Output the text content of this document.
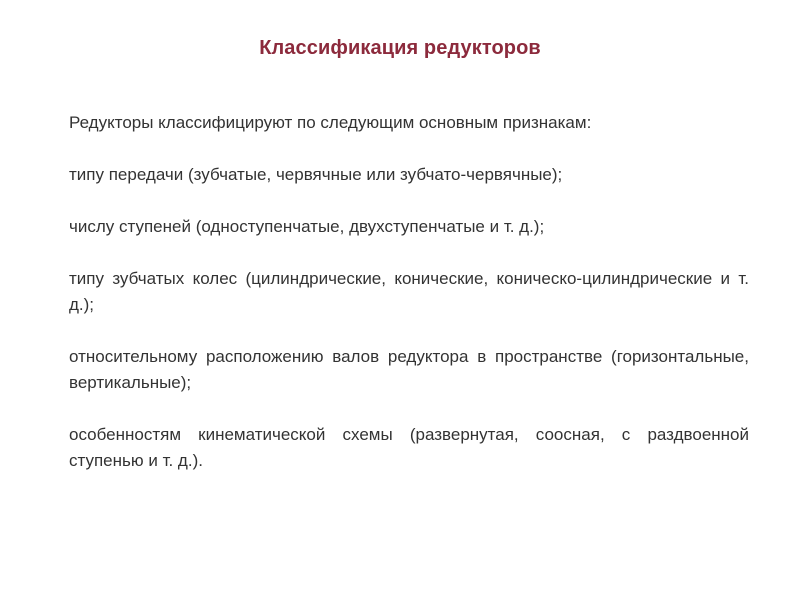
Классификация редукторов

Редукторы классифицируют по следующим основным признакам:

типу передачи (зубчатые, червячные или зубчато-червячные);

числу ступеней (одноступенчатые, двухступенчатые и т. д.);

типу зубчатых колес (цилиндрические, конические, коническо-цилиндрические и т. д.);

относительному расположению валов редуктора в пространстве (горизонтальные, вертикальные);

особенностям кинематической схемы (развернутая, соосная, с раздвоенной ступенью и т. д.).
